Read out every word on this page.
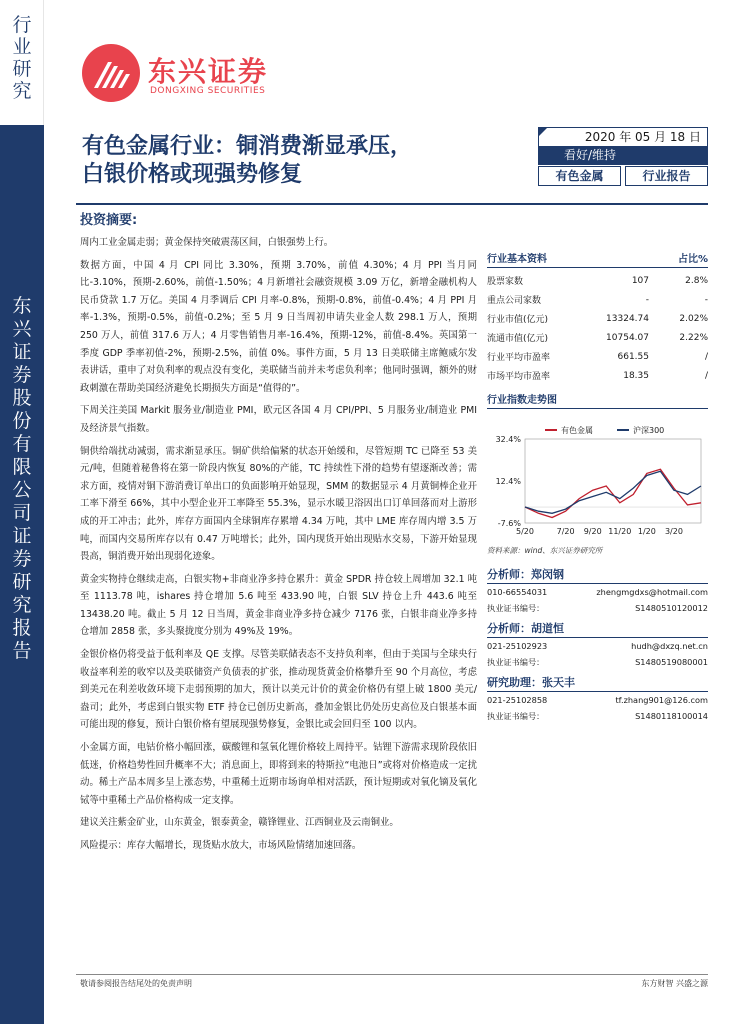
行业研究
东兴证券股份有限公司证券研究报告
东兴证券
DONGXING SECURITIES
有色金属行业：铜消费渐显承压，
白银价格或现强势修复
2020 年 05 月 18 日
看好/维持
有色金属	行业报告
投资摘要:

周内工业金属走弱；黄金保持突破震荡区间，白银强势上行。

数据方面，中国 4 月 CPI 同比 3.30%，预期 3.70%，前值 4.30%；4 月 PPI 当月同比-3.10%，预期-2.60%，前值-1.50%；4 月新增社会融资规模 3.09 万亿，新增金融机构人民币贷款 1.7 万亿。美国 4 月季调后 CPI 月率-0.8%，预期-0.8%，前值-0.4%；4 月 PPI 月率-1.3%，预期-0.5%，前值-0.2%；至 5 月 9 日当周初申请失业金人数 298.1 万人，预期 250 万人，前值 317.6 万人；4 月零售销售月率-16.4%，预期-12%，前值-8.4%。英国第一季度 GDP 季率初值-2%，预期-2.5%，前值 0%。事件方面，5 月 13 日美联储主席鲍威尔发表讲话，重申了对负利率的观点没有变化，美联储当前并未考虑负利率；他同时强调，额外的财政刺激在帮助美国经济避免长期损失方面是“值得的”。

下周关注美国 Markit 服务业/制造业 PMI，欧元区各国 4 月 CPI/PPI、5 月服务业/制造业 PMI 及经济景气指数。

铜供给端扰动减弱，需求渐显承压。铜矿供给偏紧的状态开始缓和，尽管短期 TC 已降至 53 美元/吨，但随着秘鲁将在第一阶段内恢复 80%的产能，TC 持续性下滑的趋势有望逐渐改善；需求方面，疫情对铜下游消费订单出口的负面影响开始显现，SMM 的数据显示 4 月黄铜棒企业开工率下滑至 66%，其中小型企业开工率降至 55.3%，显示水暖卫浴因出口订单回落而对上游形成的开工冲击；此外，库存方面国内全球铜库存累增 4.34 万吨，其中 LME 库存周内增 3.5 万吨，而国内交易所库存以有 0.47 万吨增长；此外，国内现货开始出现贴水交易，下游开始显现畏高，铜消费开始出现弱化迹象。

黄金实物持仓继续走高，白银实物+非商业净多持仓累升：黄金 SPDR 持仓较上周增加 32.1 吨至 1113.78 吨，ishares 持仓增加 5.6 吨至 433.90 吨，白银 SLV 持仓上升 443.6 吨至 13438.20 吨。截止 5 月 12 日当周，黄金非商业净多持仓减少 7176 张，白银非商业净多持仓增加 2858 张，多头聚拢度分别为 49%及 19%。

金银价格仍将受益于低利率及 QE 支撑。尽管美联储表态不支持负利率，但由于美国与全球央行收益率利差的收窄以及美联储资产负债表的扩张，推动现货黄金价格攀升至 90 个月高位，考虑到美元在利差收敛环境下走弱预期的加大，预计以美元计价的黄金价格仍有望上破 1800 美元/盎司；此外，考虑到白银实物 ETF 持仓已创历史新高，叠加金银比仍处历史高位及白银基本面可能出现的修复，预计白银价格有望展现强势修复，金银比或会回归至 100 以内。

小金属方面，电钴价格小幅回涨，碳酸锂和氢氧化锂价格较上周持平。钴锂下游需求现阶段依旧低迷，价格趋势性回升概率不大；消息面上，即将到来的特斯拉“电池日”或将对价格造成一定扰动。稀土产品本周多呈上涨态势，中重稀土近期市场询单相对活跃，预计短期或对氧化镝及氧化铽等中重稀土产品价格构成一定支撑。

建议关注紫金矿业，山东黄金，银泰黄金，赣锋锂业、江西铜业及云南铜业。

风险提示：库存大幅增长，现货贴水放大，市场风险情绪加速回落。

行业基本资料	占比%
股票家数	107	2.8%
重点公司家数	-	-
行业市值(亿元)	13324.74	2.02%
流通市值(亿元)	10754.07	2.22%
行业平均市盈率	661.55	/
市场平均市盈率	18.35	/
行业指数走势图
32.4%
12.4%
-7.6%
5/20	7/20 9/20 11/20 1/20 3/20
有色金属	沪深300
资料来源：wind、东兴证券研究所
分析师：郑闵钢
010-66554031	zhengmgdxs@hotmail.com
执业证书编号：	S1480510120012
分析师：胡道恒
021-25102923	hudh@dxzq.net.cn
执业证书编号：	S1480519080001
研究助理：张天丰
021-25102858	tf.zhang901@126.com
执业证书编号：	S1480118100014
敬请参阅报告结尾处的免责声明	东方财智 兴盛之源
